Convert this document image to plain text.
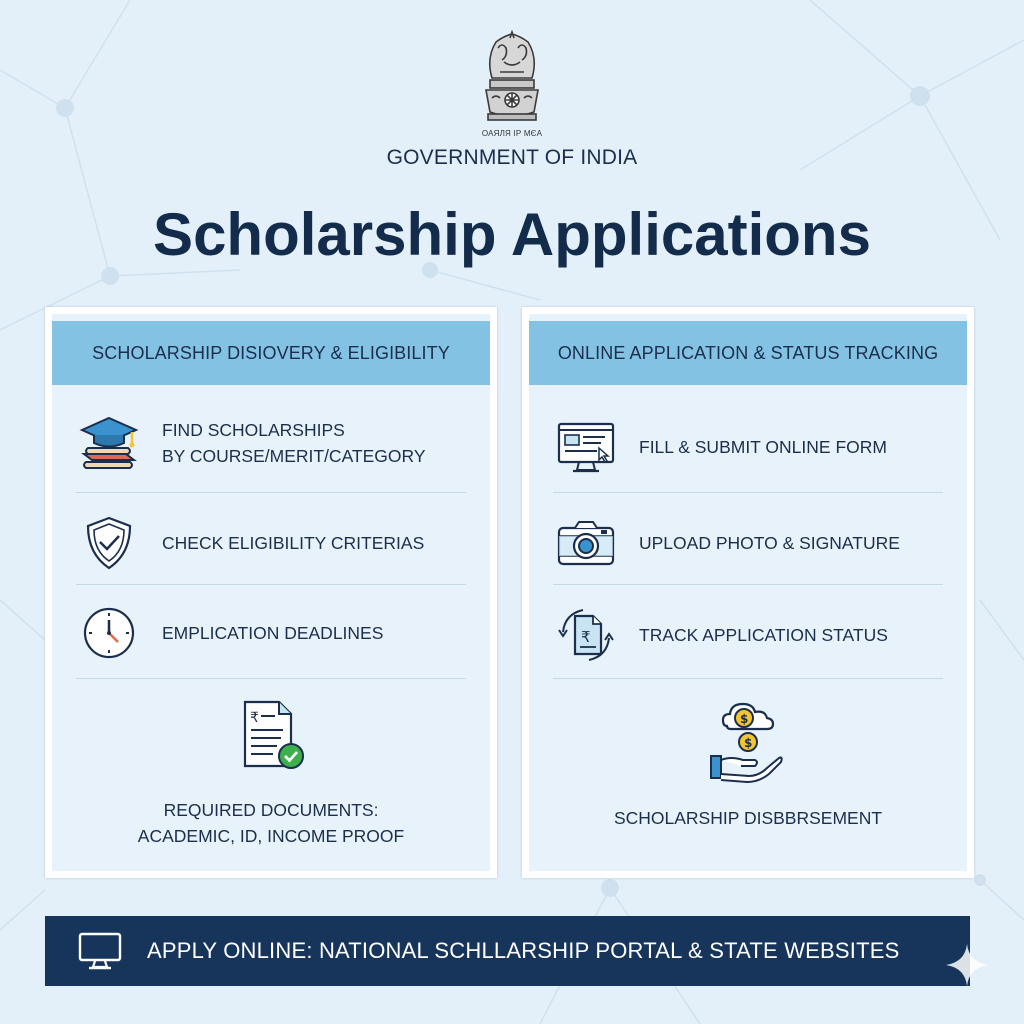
ОАЯЛЯ ІР МЄА
GOVERNMENT OF INDIA
Scholarship Applications
SCHOLARSHIP DISIOVERY & ELIGIBILITY
FIND SCHOLARSHIPS
BY COURSE/MERIT/CATEGORY
CHECK ELIGIBILITY CRITERIAS
EMPLICATION DEADLINES
₹
REQUIRED DOCUMENTS:
ACADEMIC, ID, INCOME PROOF
ONLINE APPLICATION & STATUS TRACKING
FILL & SUBMIT ONLINE FORM
UPLOAD PHOTO & SIGNATURE
₹	TRACK APPLICATION STATUS
$
$
SCHOLARSHIP DISBBRSEMENT
APPLY ONLINE: NATIONAL SCHLLARSHIP PORTAL & STATE WEBSITES
